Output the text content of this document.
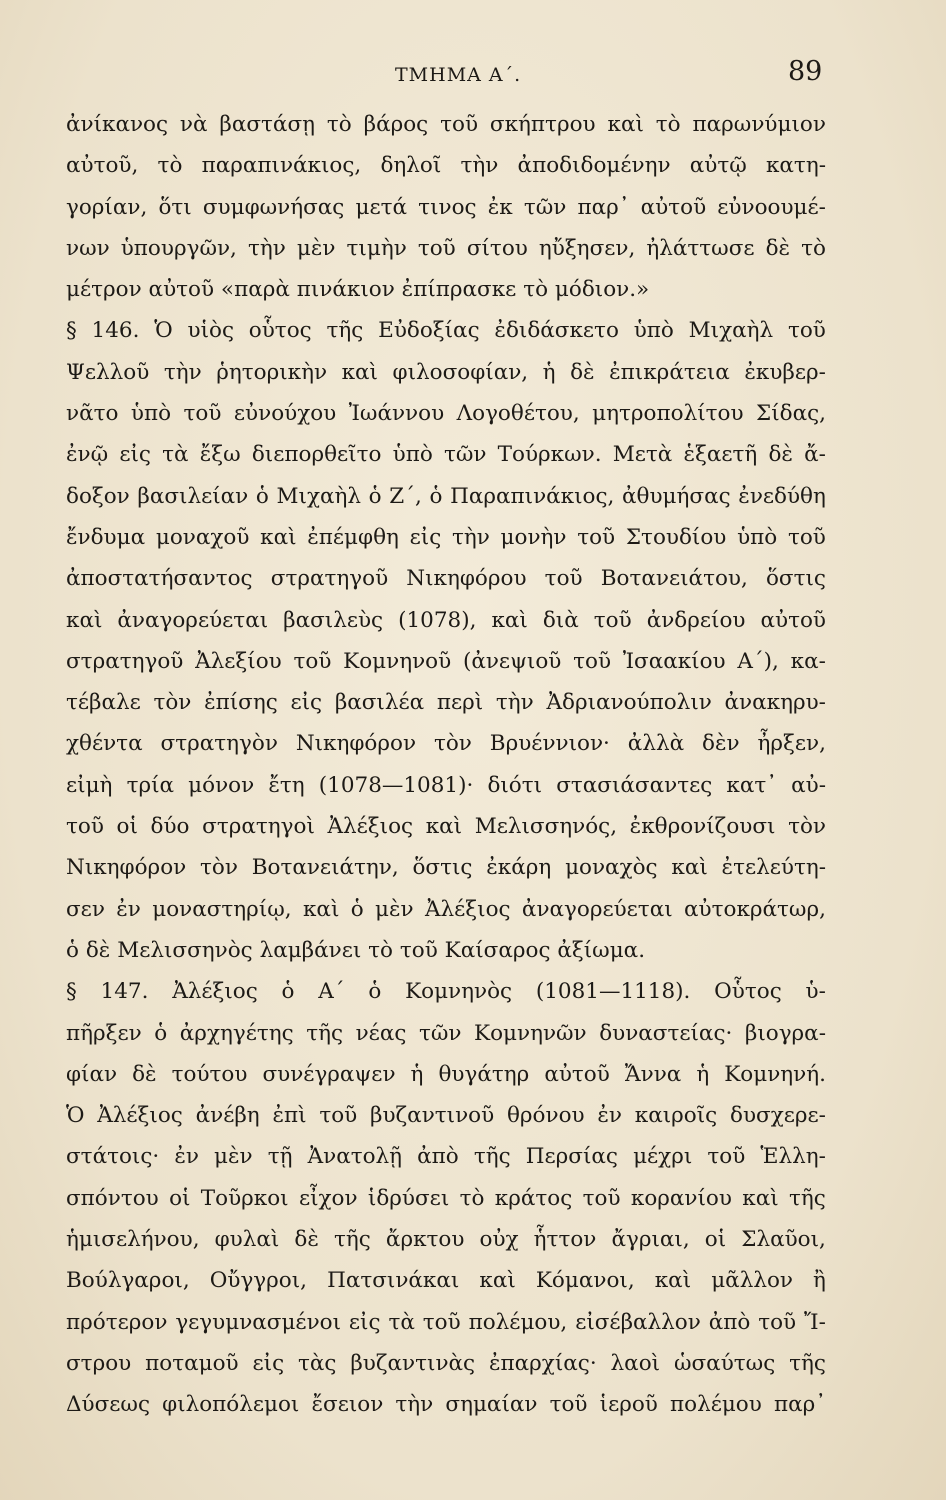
ΤΜΗΜΑ Α΄.	89
ἀνίκανος νὰ βαστάσῃ τὸ βάρος τοῦ σκήπτρου καὶ τὸ παρωνύμιον
αὐτοῦ, τὸ παραπινάκιος, δηλοῖ τὴν ἀποδιδομένην αὐτῷ κατη-
γορίαν, ὅτι συμφωνήσας μετά τινος ἐκ τῶν παρ᾽ αὐτοῦ εὐνοουμέ-
νων ὑπουργῶν, τὴν μὲν τιμὴν τοῦ σίτου ηὔξησεν, ἠλάττωσε δὲ τὸ
μέτρον αὐτοῦ «παρὰ πινάκιον ἐπίπρασκε τὸ μόδιον.»
§ 146. Ὁ υἱὸς οὗτος τῆς Εὐδοξίας ἐδιδάσκετο ὑπὸ Μιχαὴλ τοῦ
Ψελλοῦ τὴν ῥητορικὴν καὶ φιλοσοφίαν, ἡ δὲ ἐπικράτεια ἐκυβερ-
νᾶτο ὑπὸ τοῦ εὐνούχου Ἰωάννου Λογοθέτου, μητροπολίτου Σίδας,
ἐνῷ εἰς τὰ ἔξω διεπορθεῖτο ὑπὸ τῶν Τούρκων. Μετὰ ἑξαετῆ δὲ ἄ-
δοξον βασιλείαν ὁ Μιχαὴλ ὁ Ζ΄, ὁ Παραπινάκιος, ἀθυμήσας ἐνεδύθη
ἔνδυμα μοναχοῦ καὶ ἐπέμφθη εἰς τὴν μονὴν τοῦ Στουδίου ὑπὸ τοῦ
ἀποστατήσαντος στρατηγοῦ Νικηφόρου τοῦ Βοτανειάτου, ὅστις
καὶ ἀναγορεύεται βασιλεὺς (1078), καὶ διὰ τοῦ ἀνδρείου αὐτοῦ
στρατηγοῦ Ἀλεξίου τοῦ Κομνηνοῦ (ἀνεψιοῦ τοῦ Ἰσαακίου Α΄), κα-
τέβαλε τὸν ἐπίσης εἰς βασιλέα περὶ τὴν Ἀδριανούπολιν ἀνακηρυ-
χθέντα στρατηγὸν Νικηφόρον τὸν Βρυέννιον· ἀλλὰ δὲν ἦρξεν,
εἰμὴ τρία μόνον ἔτη (1078—1081)· διότι στασιάσαντες κατ᾽ αὐ-
τοῦ οἱ δύο στρατηγοὶ Ἀλέξιος καὶ Μελισσηνός, ἐκθρονίζουσι τὸν
Νικηφόρον τὸν Βοτανειάτην, ὅστις ἐκάρη μοναχὸς καὶ ἐτελεύτη-
σεν ἐν μοναστηρίῳ, καὶ ὁ μὲν Ἀλέξιος ἀναγορεύεται αὐτοκράτωρ,
ὁ δὲ Μελισσηνὸς λαμβάνει τὸ τοῦ Καίσαρος ἀξίωμα.
§ 147. Ἀλέξιος ὁ Α΄ ὁ Κομνηνὸς (1081—1118). Οὗτος ὑ-
πῆρξεν ὁ ἀρχηγέτης τῆς νέας τῶν Κομνηνῶν δυναστείας· βιογρα-
φίαν δὲ τούτου συνέγραψεν ἡ θυγάτηρ αὐτοῦ Ἄννα ἡ Κομνηνή.
Ὁ Ἀλέξιος ἀνέβη ἐπὶ τοῦ βυζαντινοῦ θρόνου ἐν καιροῖς δυσχερε-
στάτοις· ἐν μὲν τῇ Ἀνατολῇ ἀπὸ τῆς Περσίας μέχρι τοῦ Ἑλλη-
σπόντου οἱ Τοῦρκοι εἶχον ἱδρύσει τὸ κράτος τοῦ κορανίου καὶ τῆς
ἡμισελήνου, φυλαὶ δὲ τῆς ἄρκτου οὐχ ἧττον ἄγριαι, οἱ Σλαῦοι,
Βούλγαροι, Οὔγγροι, Πατσινάκαι καὶ Κόμανοι, καὶ μᾶλλον ἢ
πρότερον γεγυμνασμένοι εἰς τὰ τοῦ πολέμου, εἰσέβαλλον ἀπὸ τοῦ Ἴ-
στρου ποταμοῦ εἰς τὰς βυζαντινὰς ἐπαρχίας· λαοὶ ὡσαύτως τῆς
Δύσεως φιλοπόλεμοι ἔσειον τὴν σημαίαν τοῦ ἱεροῦ πολέμου παρ᾽
